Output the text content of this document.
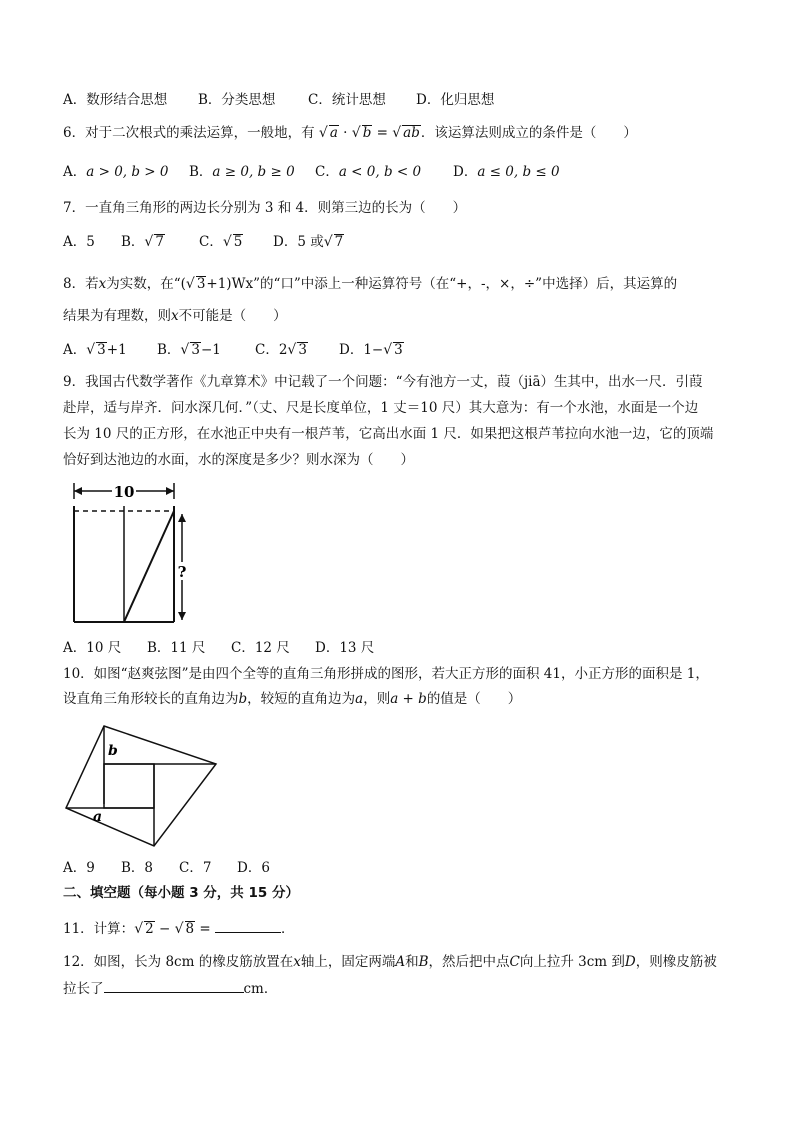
A．数形结合思想 B．分类思想 C．统计思想 D．化归思想
6．对于二次根式的乘法运算，一般地，有 √ a · √ b = √ ab．该运算法则成立的条件是（　　）
A．a > 0, b > 0 B．a ≥ 0, b ≥ 0 C．a < 0, b < 0 D．a ≤ 0, b ≤ 0
7．一直角三角形的两边长分别为 3 和 4．则第三边的长为（　　）
A．5 B．√ 7	C．√ 5 D．5 或√ 7
8．若x为实数，在“(√ 3+1)Wx”的“口”中添上一种运算符号（在“+，-，×，÷”中选择）后，其运算的
结果为有理数，则x不可能是（　　）
A．√ 3+1 B．√ 3−1	C．2√ 3 D．1−√ 3
9．我国古代数学著作《九章算术》中记载了一个问题：“今有池方一丈，葭（jiā）生其中，出水一尺．引葭
赴岸，适与岸齐．问水深几何．”（丈、尺是长度单位，1 丈＝10 尺）其大意为：有一个水池，水面是一个边
长为 10 尺的正方形，在水池正中央有一根芦苇，它高出水面 1 尺．如果把这根芦苇拉向水池一边，它的顶端
恰好到达池边的水面，水的深度是多少？则水深为（　　）
10
?
A．10 尺 B．11 尺 C．12 尺 D．13 尺
10．如图“赵爽弦图”是由四个全等的直角三角形拼成的图形，若大正方形的面积 41，小正方形的面积是 1，
设直角三角形较长的直角边为b，较短的直角边为a，则a + b的值是（　　）
b
a
A．9 B．8 C．7 D．6
二、填空题（每小题 3 分，共 15 分）
11．计算：√ 2 − √ 8 =	．
12．如图，长为 8cm 的橡皮筋放置在x轴上，固定两端A和B，然后把中点C向上拉升 3cm 到D，则橡皮筋被
拉长了	cm．
